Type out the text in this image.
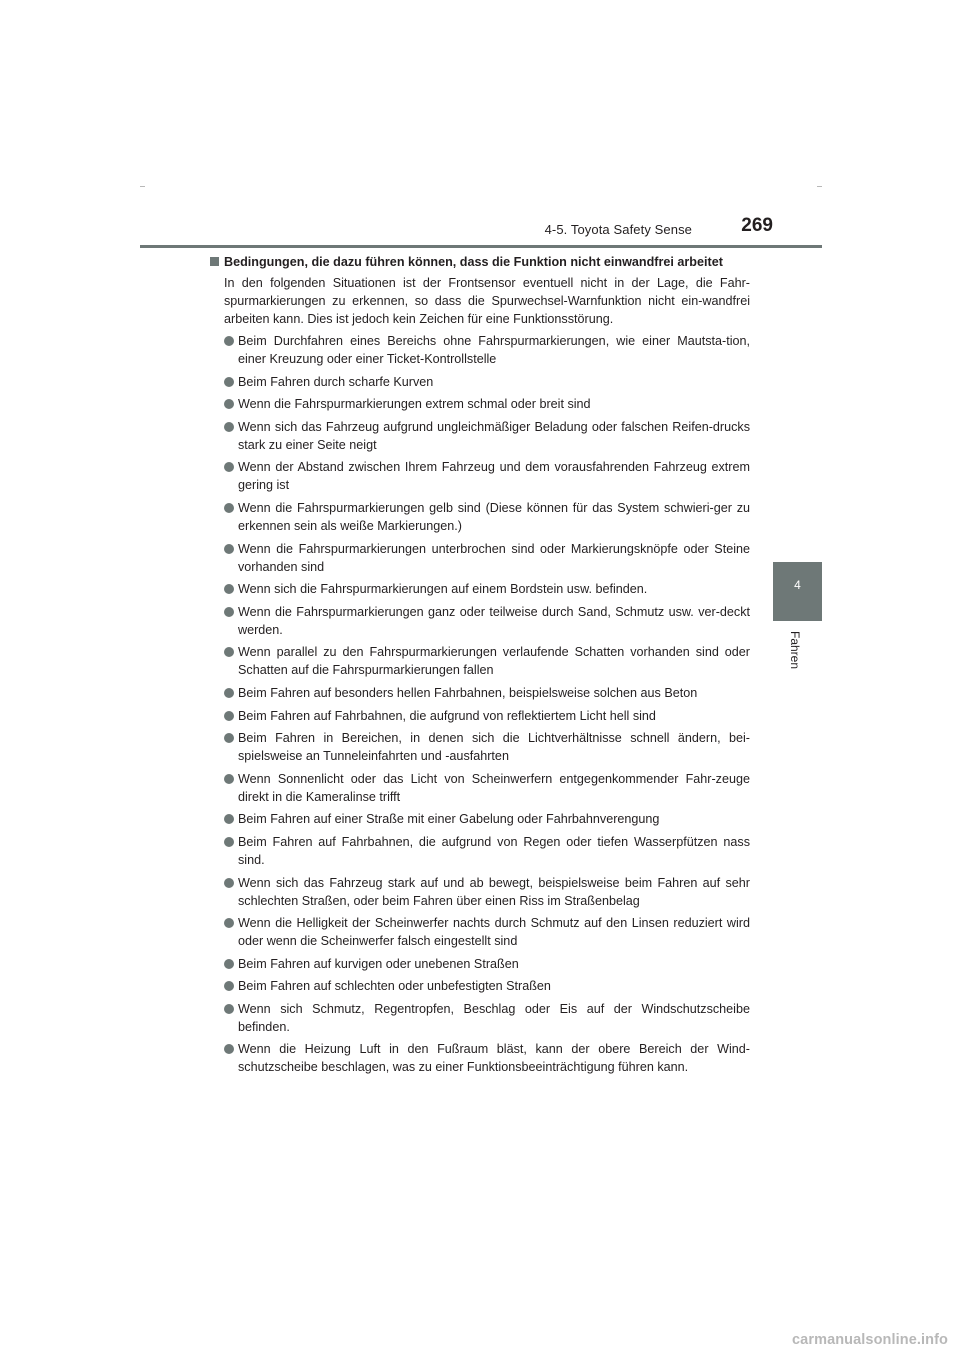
4-5. Toyota Safety Sense	269
4
Fahren
Bedingungen, die dazu führen können, dass die Funktion nicht einwandfrei arbeitet

In den folgenden Situationen ist der Frontsensor eventuell nicht in der Lage, die Fahr-spurmarkierungen zu erkennen, so dass die Spurwechsel-Warnfunktion nicht ein-wandfrei arbeiten kann. Dies ist jedoch kein Zeichen für eine Funktionsstörung.

Beim Durchfahren eines Bereichs ohne Fahrspurmarkierungen, wie einer Mautsta-tion, einer Kreuzung oder einer Ticket-Kontrollstelle
Beim Fahren durch scharfe Kurven
Wenn die Fahrspurmarkierungen extrem schmal oder breit sind
Wenn sich das Fahrzeug aufgrund ungleichmäßiger Beladung oder falschen Reifen-drucks stark zu einer Seite neigt
Wenn der Abstand zwischen Ihrem Fahrzeug und dem vorausfahrenden Fahrzeug extrem gering ist
Wenn die Fahrspurmarkierungen gelb sind (Diese können für das System schwieri-ger zu erkennen sein als weiße Markierungen.)
Wenn die Fahrspurmarkierungen unterbrochen sind oder Markierungsknöpfe oder Steine vorhanden sind
Wenn sich die Fahrspurmarkierungen auf einem Bordstein usw. befinden.
Wenn die Fahrspurmarkierungen ganz oder teilweise durch Sand, Schmutz usw. ver-deckt werden.
Wenn parallel zu den Fahrspurmarkierungen verlaufende Schatten vorhanden sind oder Schatten auf die Fahrspurmarkierungen fallen
Beim Fahren auf besonders hellen Fahrbahnen, beispielsweise solchen aus Beton
Beim Fahren auf Fahrbahnen, die aufgrund von reflektiertem Licht hell sind
Beim Fahren in Bereichen, in denen sich die Lichtverhältnisse schnell ändern, bei-spielsweise an Tunneleinfahrten und -ausfahrten
Wenn Sonnenlicht oder das Licht von Scheinwerfern entgegenkommender Fahr-zeuge direkt in die Kameralinse trifft
Beim Fahren auf einer Straße mit einer Gabelung oder Fahrbahnverengung
Beim Fahren auf Fahrbahnen, die aufgrund von Regen oder tiefen Wasserpfützen nass sind.
Wenn sich das Fahrzeug stark auf und ab bewegt, beispielsweise beim Fahren auf sehr schlechten Straßen, oder beim Fahren über einen Riss im Straßenbelag
Wenn die Helligkeit der Scheinwerfer nachts durch Schmutz auf den Linsen reduziert wird oder wenn die Scheinwerfer falsch eingestellt sind
Beim Fahren auf kurvigen oder unebenen Straßen
Beim Fahren auf schlechten oder unbefestigten Straßen
Wenn sich Schmutz, Regentropfen, Beschlag oder Eis auf der Windschutzscheibe befinden.
Wenn die Heizung Luft in den Fußraum bläst, kann der obere Bereich der Wind-schutzscheibe beschlagen, was zu einer Funktionsbeeinträchtigung führen kann.
carmanualsonline.info
